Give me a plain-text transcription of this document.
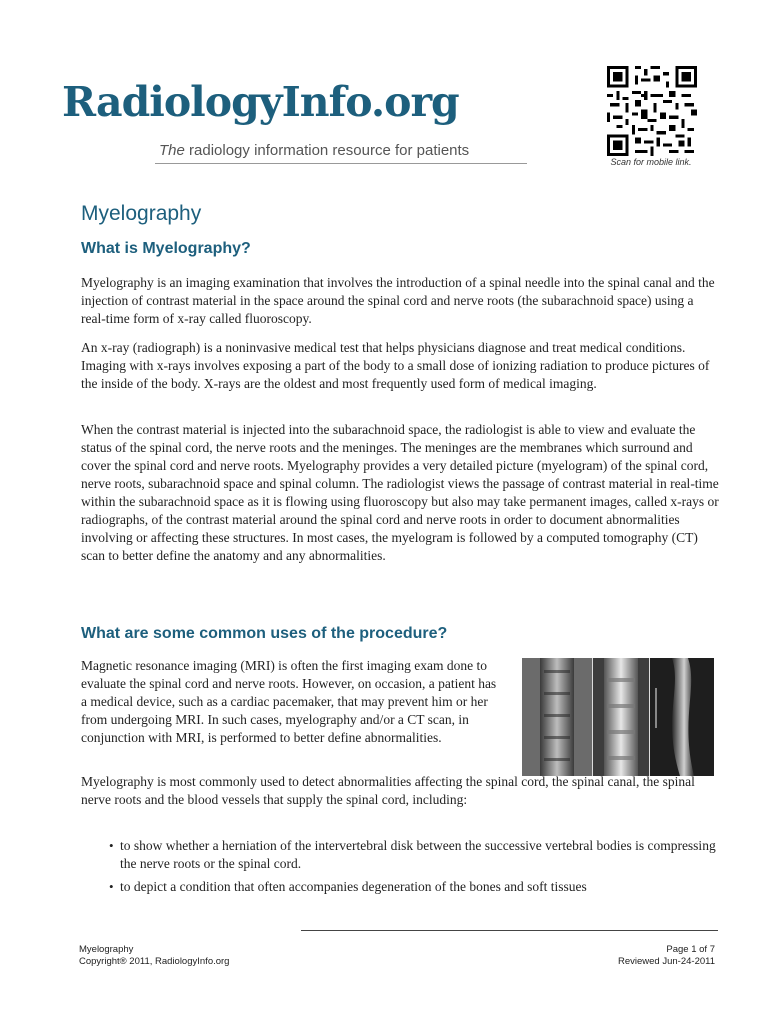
RadiologyInfo.org
The radiology information resource for patients
Scan for mobile link.
Myelography
What is Myelography?

Myelography is an imaging examination that involves the introduction of a spinal needle into the spinal canal and the injection of contrast material in the space around the spinal cord and nerve roots (the subarachnoid space) using a real-time form of x-ray called fluoroscopy.

An x-ray (radiograph) is a noninvasive medical test that helps physicians diagnose and treat medical conditions. Imaging with x-rays involves exposing a part of the body to a small dose of ionizing radiation to produce pictures of the inside of the body. X-rays are the oldest and most frequently used form of medical imaging.

When the contrast material is injected into the subarachnoid space, the radiologist is able to view and evaluate the status of the spinal cord, the nerve roots and the meninges. The meninges are the membranes which surround and cover the spinal cord and nerve roots. Myelography provides a very detailed picture (myelogram) of the spinal cord, nerve roots, subarachnoid space and spinal column. The radiologist views the passage of contrast material in real-time within the subarachnoid space as it is flowing using fluoroscopy but also may take permanent images, called x-rays or radiographs, of the contrast material around the spinal cord and nerve roots in order to document abnormalities involving or affecting these structures. In most cases, the myelogram is followed by a computed tomography (CT) scan to better define the anatomy and any abnormalities.

What are some common uses of the procedure?

Magnetic resonance imaging (MRI) is often the first imaging exam done to evaluate the spinal cord and nerve roots. However, on occasion, a patient has a medical device, such as a cardiac pacemaker, that may prevent him or her from undergoing MRI. In such cases, myelography and/or a CT scan, in conjunction with MRI, is performed to better define abnormalities.

Myelography is most commonly used to detect abnormalities affecting the spinal cord, the spinal canal, the spinal nerve roots and the blood vessels that supply the spinal cord, including:

• to show whether a herniation of the intervertebral disk between the successive vertebral bodies is compressing the nerve roots or the spinal cord.
• to depict a condition that often accompanies degeneration of the bones and soft tissues
Myelography
Copyright® 2011, RadiologyInfo.org
Page 1 of 7
Reviewed Jun-24-2011
